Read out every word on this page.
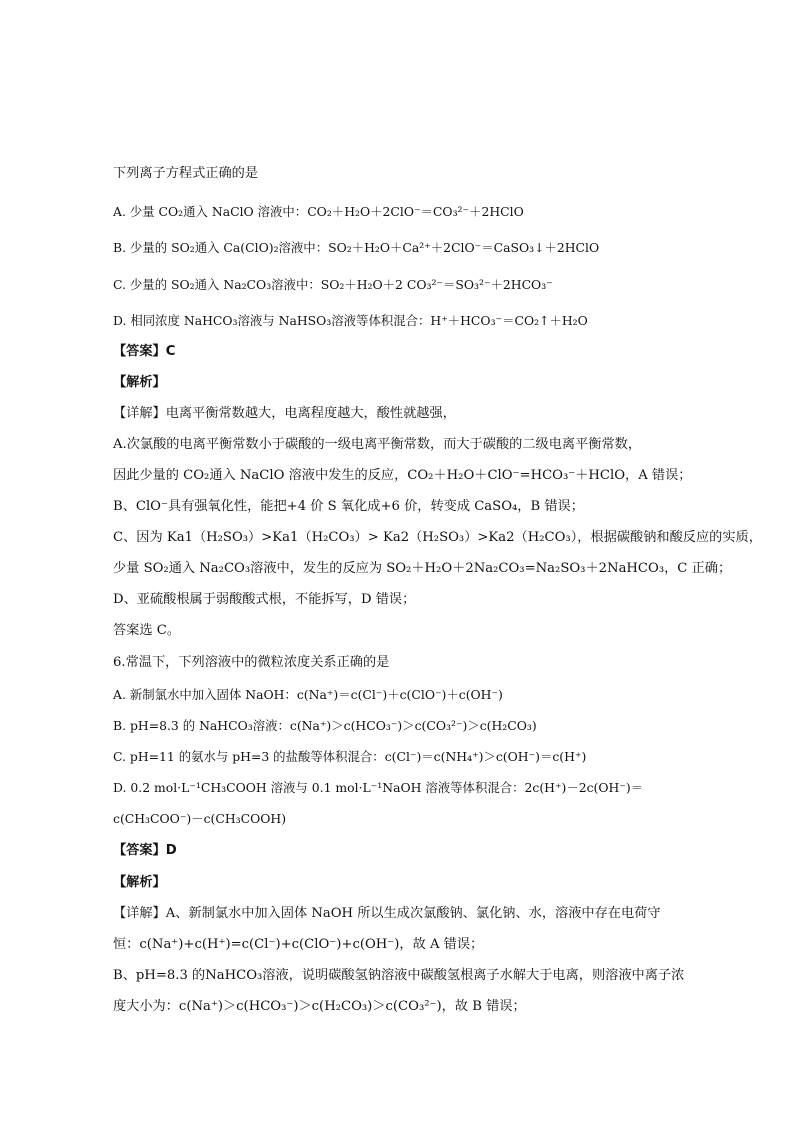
下列离子方程式正确的是
A. 少量 CO₂通入 NaClO 溶液中：CO₂＋H₂O＋2ClO⁻＝CO₃²⁻＋2HClO
B. 少量的 SO₂通入 Ca(ClO)₂溶液中：SO₂＋H₂O＋Ca²⁺＋2ClO⁻＝CaSO₃↓＋2HClO
C. 少量的 SO₂通入 Na₂CO₃溶液中：SO₂＋H₂O＋2 CO₃²⁻＝SO₃²⁻＋2HCO₃⁻
D. 相同浓度 NaHCO₃溶液与 NaHSO₃溶液等体积混合：H⁺＋HCO₃⁻＝CO₂↑＋H₂O
【答案】C
【解析】
【详解】电离平衡常数越大，电离程度越大，酸性就越强，
A.次氯酸的电离平衡常数小于碳酸的一级电离平衡常数，而大于碳酸的二级电离平衡常数，
因此少量的 CO₂通入 NaClO 溶液中发生的反应，CO₂＋H₂O＋ClO⁻=HCO₃⁻＋HClO，A 错误；
B、ClO⁻具有强氧化性，能把+4 价 S 氧化成+6 价，转变成 CaSO₄，B 错误；
C、因为 Ka1（H₂SO₃）>Ka1（H₂CO₃）> Ka2（H₂SO₃）>Ka2（H₂CO₃），根据碳酸钠和酸反应的实质，
少量 SO₂通入 Na₂CO₃溶液中，发生的反应为 SO₂＋H₂O＋2Na₂CO₃=Na₂SO₃＋2NaHCO₃，C 正确；
D、亚硫酸根属于弱酸酸式根，不能拆写，D 错误；
答案选 C。
6.常温下，下列溶液中的微粒浓度关系正确的是
A. 新制氯水中加入固体 NaOH：c(Na⁺)＝c(Cl⁻)＋c(ClO⁻)＋c(OH⁻)
B. pH=8.3 的 NaHCO₃溶液：c(Na⁺)＞c(HCO₃⁻)＞c(CO₃²⁻)＞c(H₂CO₃)
C. pH=11 的氨水与 pH=3 的盐酸等体积混合：c(Cl⁻)＝c(NH₄⁺)＞c(OH⁻)＝c(H⁺)
D. 0.2 mol·L⁻¹CH₃COOH 溶液与 0.1 mol·L⁻¹NaOH 溶液等体积混合：2c(H⁺)－2c(OH⁻)＝
c(CH₃COO⁻)－c(CH₃COOH)
【答案】D
【解析】
【详解】A、新制氯水中加入固体 NaOH 所以生成次氯酸钠、氯化钠、水，溶液中存在电荷守
恒：c(Na⁺)+c(H⁺)=c(Cl⁻)+c(ClO⁻)+c(OH⁻)，故 A 错误；
B、pH=8.3 的NaHCO₃溶液，说明碳酸氢钠溶液中碳酸氢根离子水解大于电离，则溶液中离子浓
度大小为：c(Na⁺)＞c(HCO₃⁻)＞c(H₂CO₃)＞c(CO₃²⁻)，故 B 错误；
